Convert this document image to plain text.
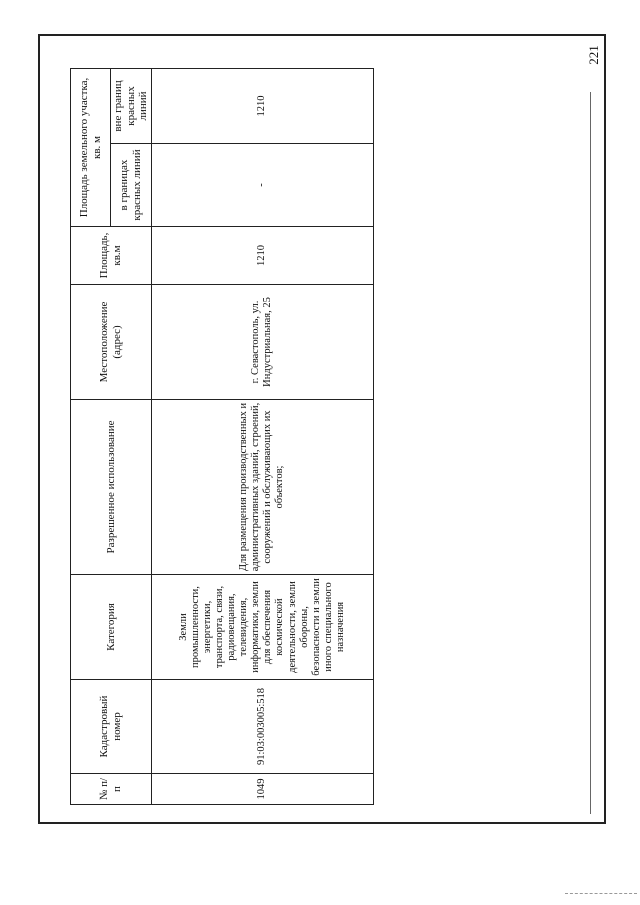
221
№ п/п	Кадастровый номер	Категория	Разрешенное использование	Местоположение (адрес)	Площадь, кв.м	Площадь земельного участка, кв. м	
						в границах красных линий	вне границ красных линий

1049	91:03:003005:518	Земли промышленности, энергетики, транспорта, связи, радиовещания, телевидения, информатики, земли для обеспечения космической деятельности, земли обороны, безопасности и земли иного специального назначения	Для размещения производственных и административных зданий, строений, сооружений и обслуживающих их объектов;	г. Севастополь, ул. Индустриальная, 25	1210	-	1210
